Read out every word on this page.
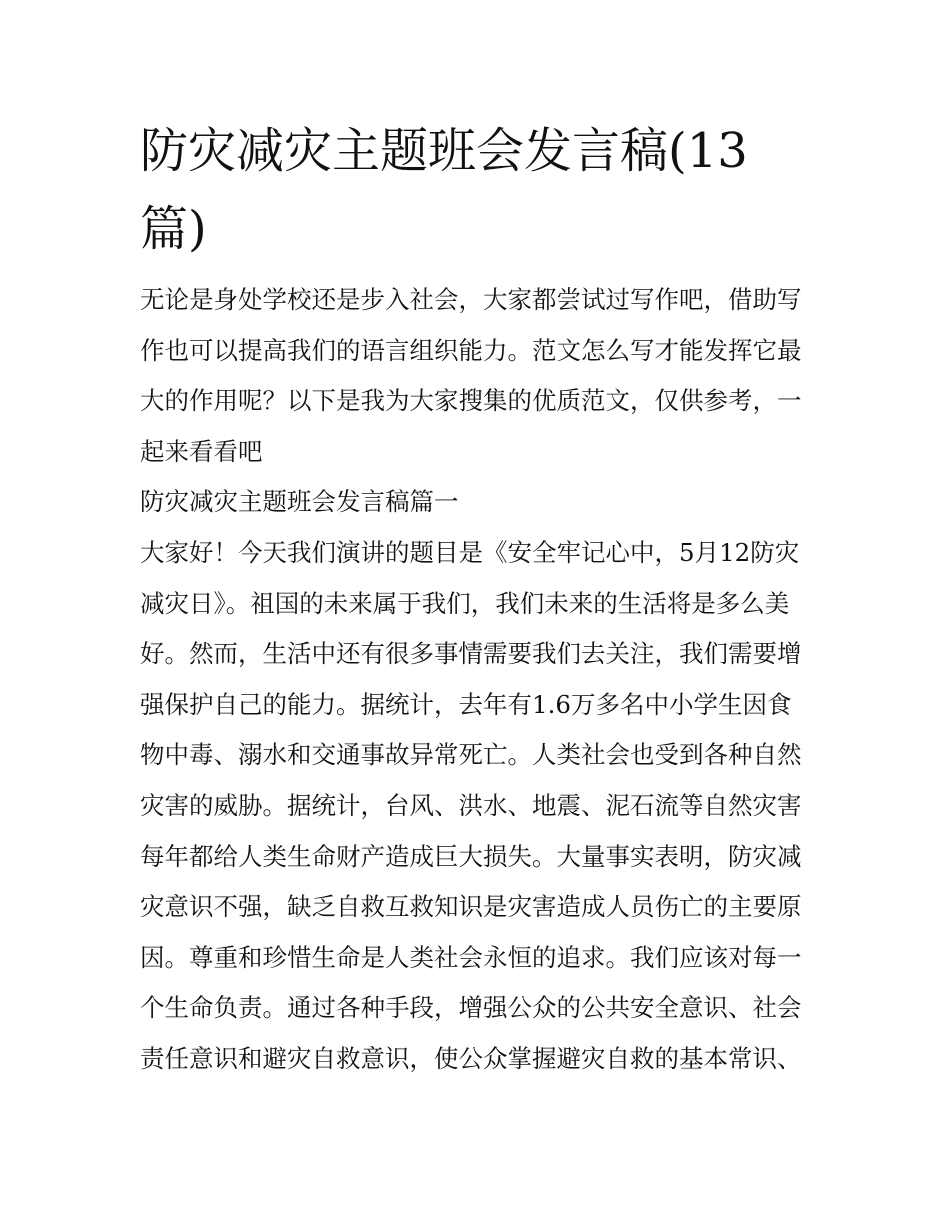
防灾减灾主题班会发言稿(13
篇)
无论是身处学校还是步入社会，大家都尝试过写作吧，借助写
作也可以提高我们的语言组织能力。范文怎么写才能发挥它最
大的作用呢？以下是我为大家搜集的优质范文，仅供参考，一
起来看看吧
防灾减灾主题班会发言稿篇一
大家好！今天我们演讲的题目是《安全牢记心中，5月12防灾
减灾日》。祖国的未来属于我们，我们未来的生活将是多么美
好。然而，生活中还有很多事情需要我们去关注，我们需要增
强保护自己的能力。据统计，去年有1.6万多名中小学生因食
物中毒、溺水和交通事故异常死亡。人类社会也受到各种自然
灾害的威胁。据统计，台风、洪水、地震、泥石流等自然灾害
每年都给人类生命财产造成巨大损失。大量事实表明，防灾减
灾意识不强，缺乏自救互救知识是灾害造成人员伤亡的主要原
因。尊重和珍惜生命是人类社会永恒的追求。我们应该对每一
个生命负责。通过各种手段，增强公众的公共安全意识、社会
责任意识和避灾自救意识，使公众掌握避灾自救的基本常识、
